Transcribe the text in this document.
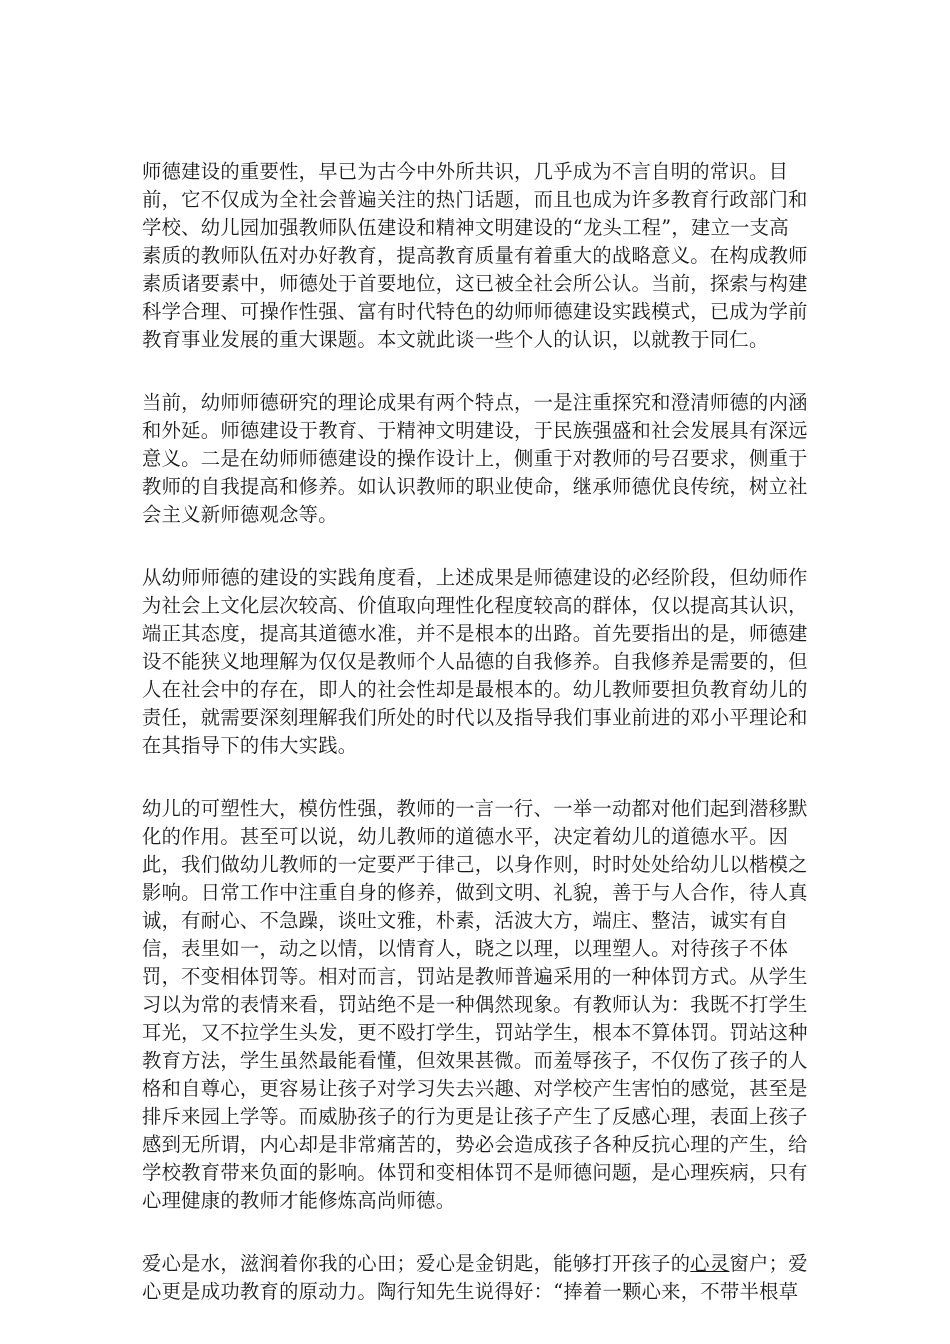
师德建设的重要性，早已为古今中外所共识，几乎成为不言自明的常识。目
前，它不仅成为全社会普遍关注的热门话题，而且也成为许多教育行政部门和
学校、幼儿园加强教师队伍建设和精神文明建设的“龙头工程”，建立一支高
素质的教师队伍对办好教育，提高教育质量有着重大的战略意义。在构成教师
素质诸要素中，师德处于首要地位，这已被全社会所公认。当前，探索与构建
科学合理、可操作性强、富有时代特色的幼师师德建设实践模式，已成为学前
教育事业发展的重大课题。本文就此谈一些个人的认识，以就教于同仁。
当前，幼师师德研究的理论成果有两个特点，一是注重探究和澄清师德的内涵
和外延。师德建设于教育、于精神文明建设，于民族强盛和社会发展具有深远
意义。二是在幼师师德建设的操作设计上，侧重于对教师的号召要求，侧重于
教师的自我提高和修养。如认识教师的职业使命，继承师德优良传统，树立社
会主义新师德观念等。
从幼师师德的建设的实践角度看，上述成果是师德建设的必经阶段，但幼师作
为社会上文化层次较高、价值取向理性化程度较高的群体，仅以提高其认识，
端正其态度，提高其道德水准，并不是根本的出路。首先要指出的是，师德建
设不能狭义地理解为仅仅是教师个人品德的自我修养。自我修养是需要的，但
人在社会中的存在，即人的社会性却是最根本的。幼儿教师要担负教育幼儿的
责任，就需要深刻理解我们所处的时代以及指导我们事业前进的邓小平理论和
在其指导下的伟大实践。
幼儿的可塑性大，模仿性强，教师的一言一行、一举一动都对他们起到潜移默
化的作用。甚至可以说，幼儿教师的道德水平，决定着幼儿的道德水平。因
此，我们做幼儿教师的一定要严于律己，以身作则，时时处处给幼儿以楷模之
影响。日常工作中注重自身的修养，做到文明、礼貌，善于与人合作，待人真
诚，有耐心、不急躁，谈吐文雅，朴素，活波大方，端庄、整洁，诚实有自
信，表里如一，动之以情，以情育人，晓之以理，以理塑人。对待孩子不体
罚，不变相体罚等。相对而言，罚站是教师普遍采用的一种体罚方式。从学生
习以为常的表情来看，罚站绝不是一种偶然现象。有教师认为：我既不打学生
耳光，又不拉学生头发，更不殴打学生，罚站学生，根本不算体罚。罚站这种
教育方法，学生虽然最能看懂，但效果甚微。而羞辱孩子，不仅伤了孩子的人
格和自尊心，更容易让孩子对学习失去兴趣、对学校产生害怕的感觉，甚至是
排斥来园上学等。而威胁孩子的行为更是让孩子产生了反感心理，表面上孩子
感到无所谓，内心却是非常痛苦的，势必会造成孩子各种反抗心理的产生，给
学校教育带来负面的影响。体罚和变相体罚不是师德问题，是心理疾病，只有
心理健康的教师才能修炼高尚师德。
爱心是水，滋润着你我的心田；爱心是金钥匙，能够打开孩子的心灵窗户；爱
心更是成功教育的原动力。陶行知先生说得好：“捧着一颗心来，不带半根草
